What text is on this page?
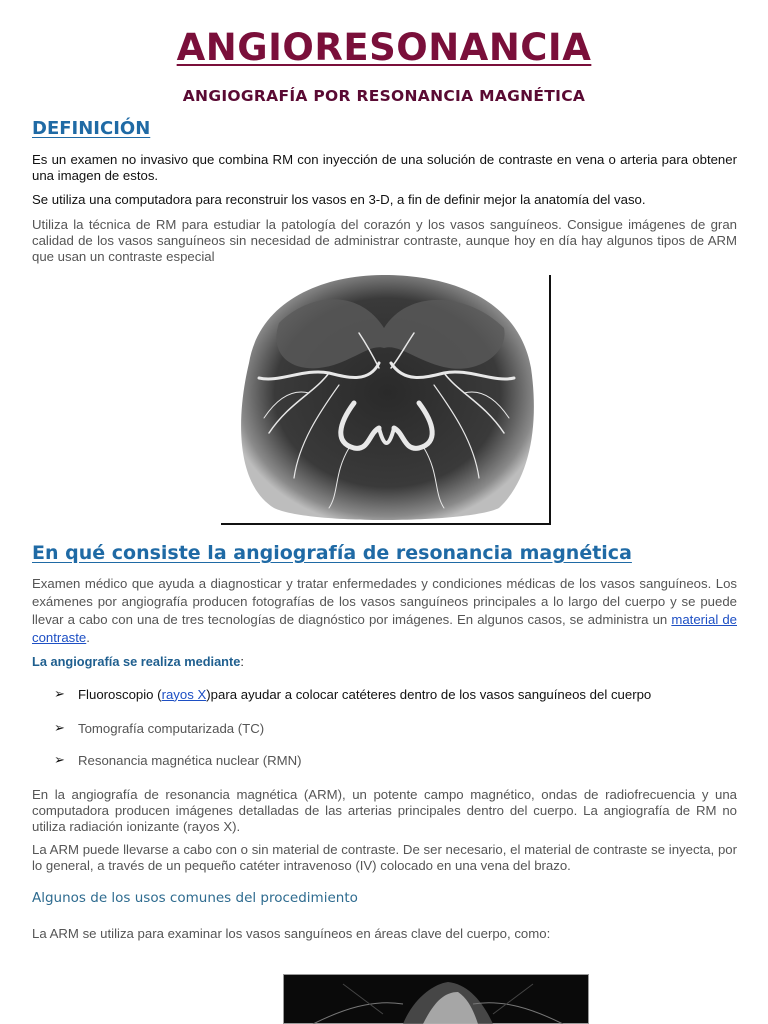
ANGIORESONANCIA
ANGIOGRAFÍA POR RESONANCIA MAGNÉTICA
DEFINICIÓN
Es un examen no invasivo que combina RM con inyección de una solución de contraste en vena o arteria para obtener una imagen de estos.
Se utiliza una computadora para reconstruir los vasos en 3-D, a fin de definir mejor la anatomía del vaso.
Utiliza la técnica de RM para estudiar la patología del corazón y los vasos sanguíneos. Consigue imágenes de gran calidad de los vasos sanguíneos sin necesidad de administrar contraste, aunque hoy en día hay algunos tipos de ARM que usan un contraste especial
En qué consiste la angiografía de resonancia magnética
Examen médico que ayuda a diagnosticar y tratar enfermedades y condiciones médicas de los vasos sanguíneos. Los exámenes por angiografía producen fotografías de los vasos sanguíneos principales a lo largo del cuerpo y se puede llevar a cabo con una de tres tecnologías de diagnóstico por imágenes. En algunos casos, se administra un material de contraste.
La angiografía se realiza mediante:
➢ Fluoroscopio ( rayos X )para ayudar a colocar catéteres dentro de los vasos sanguíneos del cuerpo
➢ Tomografía computarizada (TC)
➢ Resonancia magnética nuclear (RMN)
En la angiografía de resonancia magnética (ARM), un potente campo magnético, ondas de radiofrecuencia y una computadora producen imágenes detalladas de las arterias principales dentro del cuerpo. La angiografía de RM no utiliza radiación ionizante (rayos X).
La ARM puede llevarse a cabo con o sin material de contraste. De ser necesario, el material de contraste se inyecta, por lo general, a través de un pequeño catéter intravenoso (IV) colocado en una vena del brazo.
Algunos de los usos comunes del procedimiento
La ARM se utiliza para examinar los vasos sanguíneos en áreas clave del cuerpo, como:
